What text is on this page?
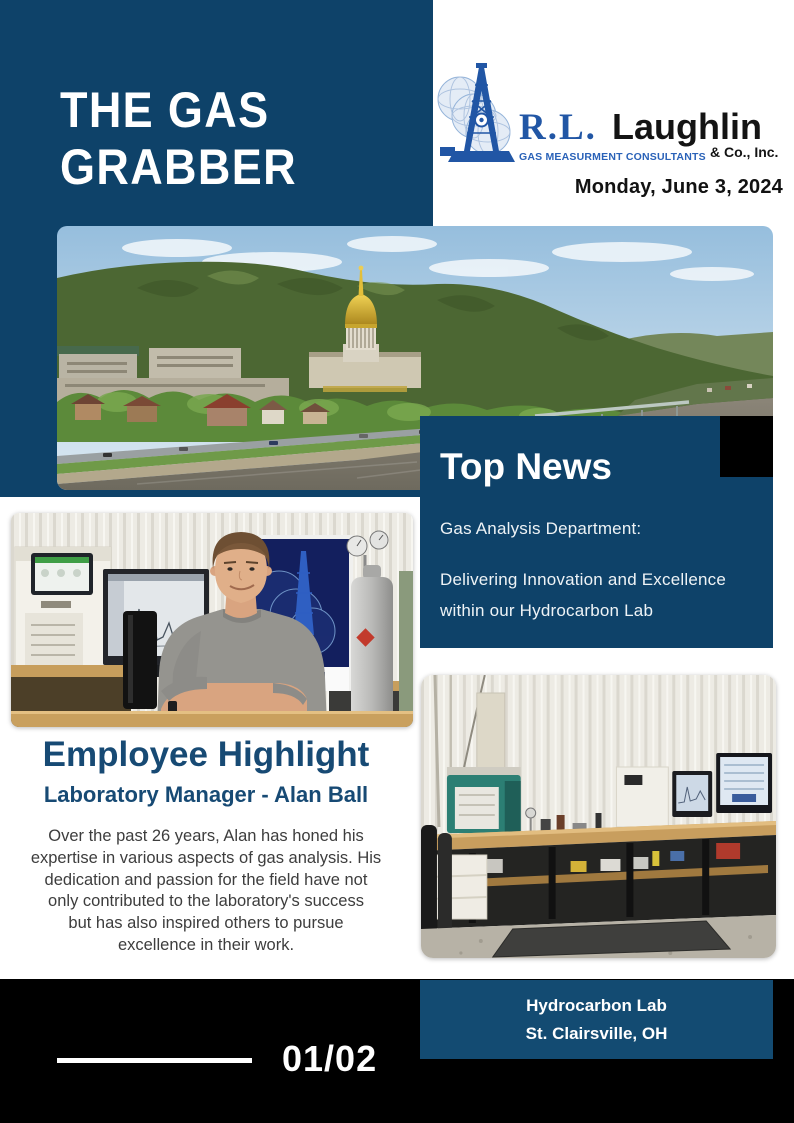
THE GAS
GRABBER
R.L. Laughlin
& Co., Inc.
GAS MEASURMENT CONSULTANTS
Monday, June 3, 2024
Top News
Gas Analysis Department:
Delivering Innovation and Excellence
within our Hydrocarbon Lab
Employee Highlight
Laboratory Manager - Alan Ball
Over the past 26 years, Alan has honed his
expertise in various aspects of gas analysis. His
dedication and passion for the field have not
only contributed to the laboratory's success
but has also inspired others to pursue
excellence in their work.
01/02
Hydrocarbon Lab
St. Clairsville, OH
